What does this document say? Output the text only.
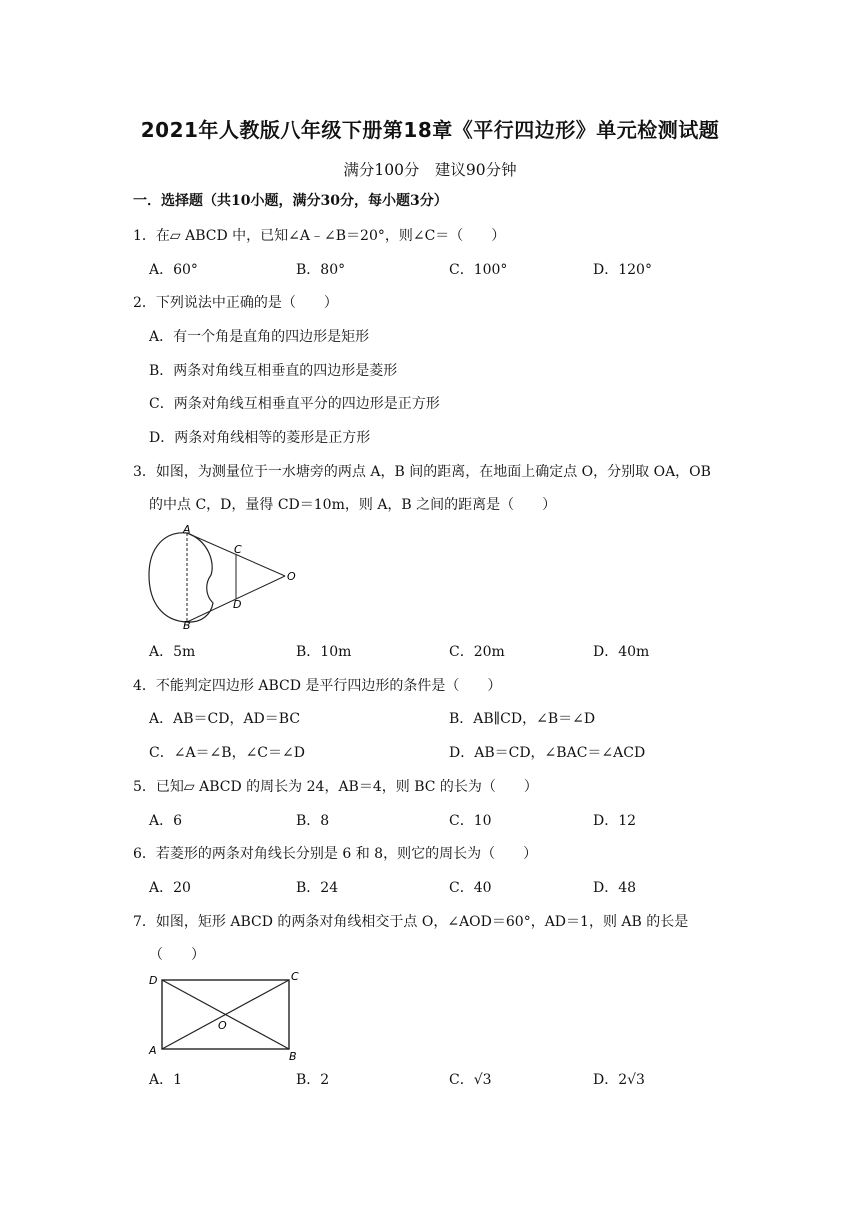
2021年人教版八年级下册第18章《平行四边形》单元检测试题
满分100分　建议90分钟
一．选择题（共10小题，满分30分，每小题3分）
1．在▱ ABCD 中，已知∠A﹣∠B＝20°，则∠C＝（　　）
A．60°	B．80°	C．100°	D．120°
2．下列说法中正确的是（　　）
A．有一个角是直角的四边形是矩形
B．两条对角线互相垂直的四边形是菱形
C．两条对角线互相垂直平分的四边形是正方形
D．两条对角线相等的菱形是正方形
3．如图，为测量位于一水塘旁的两点 A，B 间的距离，在地面上确定点 O，分别取 OA，OB
的中点 C，D，量得 CD＝10m，则 A，B 之间的距离是（　　）
A
B
C
D
O
A．5m	B．10m	C．20m	D．40m
4．不能判定四边形 ABCD 是平行四边形的条件是（　　）
A．AB＝CD，AD＝BC	B．AB∥CD，∠B＝∠D
C．∠A＝∠B，∠C＝∠D	D．AB＝CD，∠BAC＝∠ACD
5．已知▱ ABCD 的周长为 24，AB＝4，则 BC 的长为（　　）
A．6	B．8	C．10	D．12
6．若菱形的两条对角线长分别是 6 和 8，则它的周长为（　　）
A．20	B．24	C．40	D．48
7．如图，矩形 ABCD 的两条对角线相交于点 O，∠AOD＝60°，AD＝1，则 AB 的长是
（　　）
D	C
O
A	B
A．1	B．2	C．√3	D．2√3
